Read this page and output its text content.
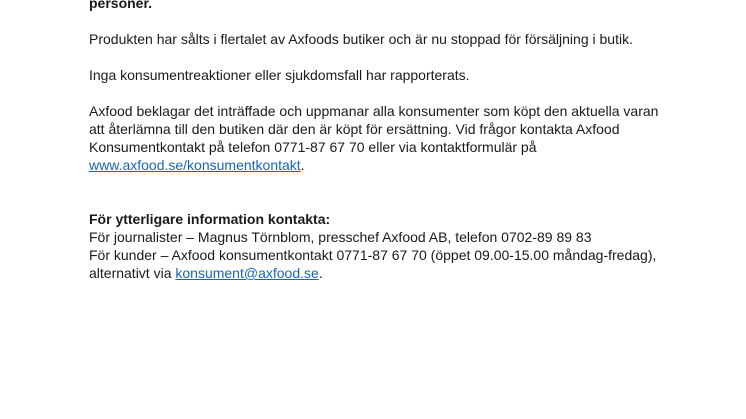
personer.

Produkten har sålts i flertalet av Axfoods butiker och är nu stoppad för försäljning i butik.

Inga konsumentreaktioner eller sjukdomsfall har rapporterats.

Axfood beklagar det inträffade och uppmanar alla konsumenter som köpt den aktuella varan att återlämna till den butiken där den är köpt för ersättning. Vid frågor kontakta Axfood Konsumentkontakt på telefon 0771-87 67 70 eller via kontaktformulär på www.axfood.se/konsumentkontakt.

För ytterligare information kontakta:

För journalister – Magnus Törnblom, presschef Axfood AB, telefon 0702-89 89 83

För kunder – Axfood konsumentkontakt 0771-87 67 70 (öppet 09.00-15.00 måndag-fredag), alternativt via konsument@axfood.se.
